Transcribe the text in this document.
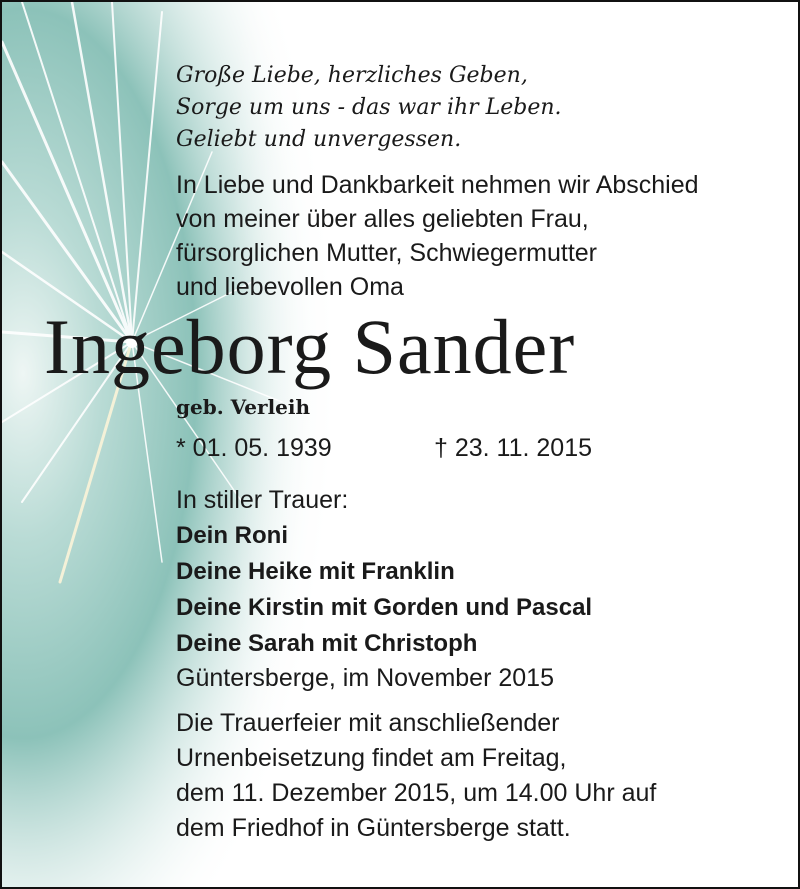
Große Liebe, herzliches Geben,
Sorge um uns - das war ihr Leben.
Geliebt und unvergessen.
In Liebe und Dankbarkeit nehmen wir Abschied
von meiner über alles geliebten Frau,
fürsorglichen Mutter, Schwiegermutter
und liebevollen Oma
Ingeborg Sander
geb. Verleih
* 01. 05. 1939	† 23. 11. 2015
In stiller Trauer:
Dein Roni
Deine Heike mit Franklin
Deine Kirstin mit Gorden und Pascal
Deine Sarah mit Christoph
Güntersberge, im November 2015
Die Trauerfeier mit anschließender
Urnenbeisetzung findet am Freitag,
dem 11. Dezember 2015, um 14.00 Uhr auf
dem Friedhof in Güntersberge statt.
